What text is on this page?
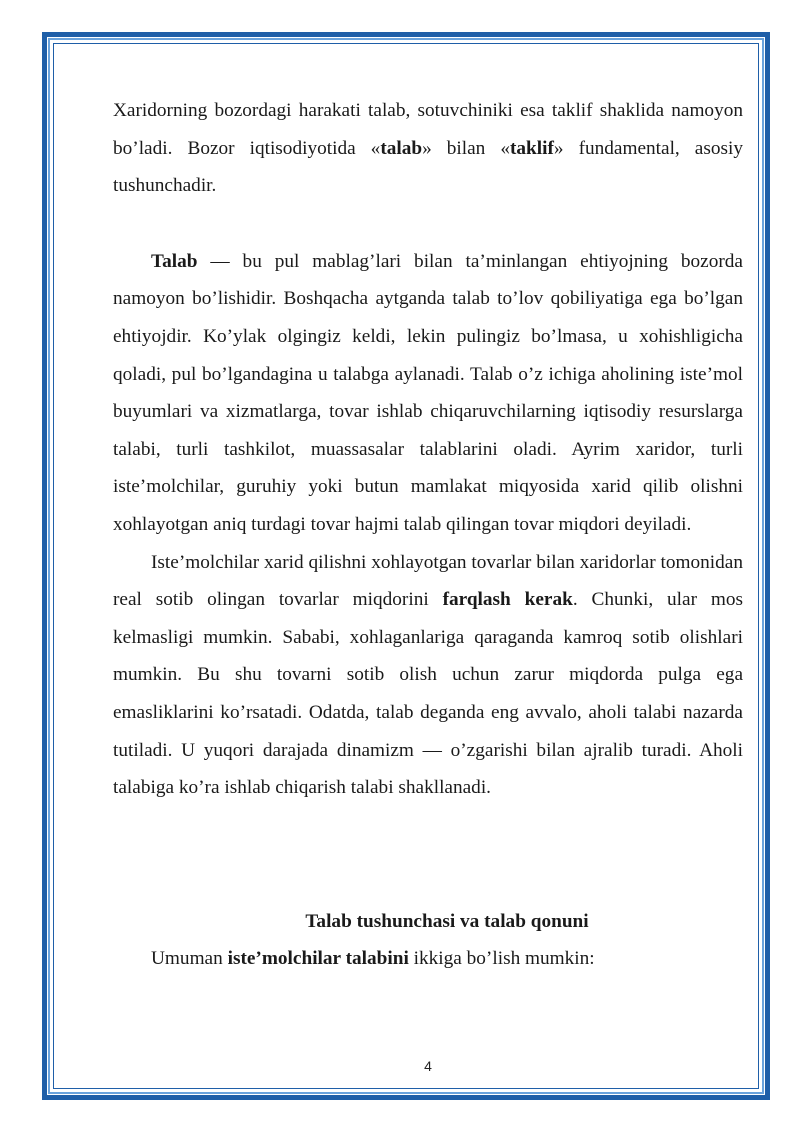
Xaridorning bozordagi harakati talab, sotuvchiniki esa taklif shaklida namoyon bo’ladi. Bozor iqtisodiyotida «talab» bilan «taklif» fundamental, asosiy tushunchadir.

Talab — bu pul mablag’lari bilan ta’minlangan ehtiyojning bozorda namoyon bo’lishidir. Boshqacha aytganda talab to’lov qobiliyatiga ega bo’lgan ehtiyojdir. Ko’ylak olgingiz keldi, lekin pulingiz bo’lmasa, u xohishligicha qoladi, pul bo’lgandagina u talabga aylanadi. Talab o’z ichiga aholining iste’mol buyumlari va xizmatlarga, tovar ishlab chiqaruvchilarning iqtisodiy resurslarga talabi, turli tashkilot, muassasalar talablarini oladi. Ayrim xaridor, turli iste’molchilar, guruhiy yoki butun mamlakat miqyosida xarid qilib olishni xohlayotgan aniq turdagi tovar hajmi talab qilingan tovar miqdori deyiladi.

Iste’molchilar xarid qilishni xohlayotgan tovarlar bilan xaridorlar tomonidan real sotib olingan tovarlar miqdorini farqlash kerak. Chunki, ular mos kelmasligi mumkin. Sababi, xohlaganlariga qaraganda kamroq sotib olishlari mumkin. Bu shu tovarni sotib olish uchun zarur miqdorda pulga ega emasliklarini ko’rsatadi. Odatda, talab deganda eng avvalo, aholi talabi nazarda tutiladi. U yuqori darajada dinamizm — o’zgarishi bilan ajralib turadi. Aholi talabiga ko’ra ishlab chiqarish talabi shakllanadi.

Talab tushunchasi va talab qonuni

Umuman iste’molchilar talabini ikkiga bo’lish mumkin:

4
